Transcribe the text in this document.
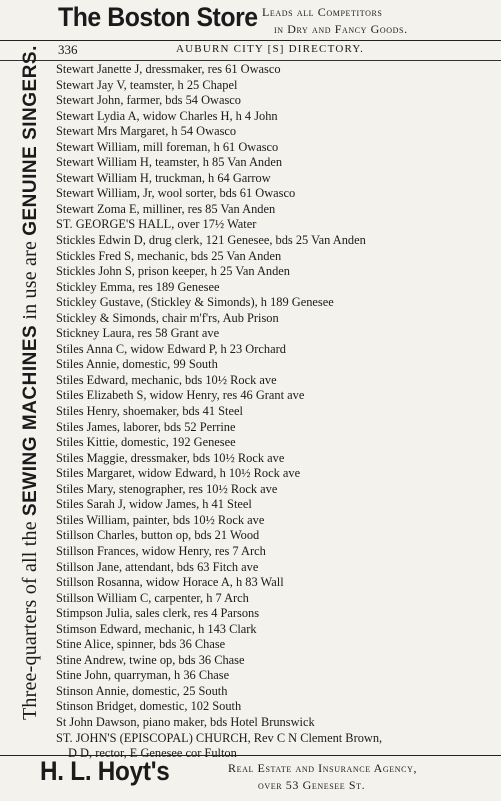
The Boston Store Leads all Competitors
in Dry and Fancy Goods.
336	AUBURN CITY [S] DIRECTORY.
Three-quarters of all the SEWING MACHINES in use are GENUINE SINGERS.	Stewart Janette J, dressmaker, res 61 Owasco
Stewart Jay V, teamster, h 25 Chapel
Stewart John, farmer, bds 54 Owasco
Stewart Lydia A, widow Charles H, h 4 John
Stewart Mrs Margaret, h 54 Owasco
Stewart William, mill foreman, h 61 Owasco
Stewart William H, teamster, h 85 Van Anden
Stewart William H, truckman, h 64 Garrow
Stewart William, Jr, wool sorter, bds 61 Owasco
Stewart Zoma E, milliner, res 85 Van Anden
ST. GEORGE'S HALL, over 17½ Water
Stickles Edwin D, drug clerk, 121 Genesee, bds 25 Van Anden
Stickles Fred S, mechanic, bds 25 Van Anden
Stickles John S, prison keeper, h 25 Van Anden
Stickley Emma, res 189 Genesee
Stickley Gustave, (Stickley & Simonds), h 189 Genesee
Stickley & Simonds, chair m'f'rs, Aub Prison
Stickney Laura, res 58 Grant ave
Stiles Anna C, widow Edward P, h 23 Orchard
Stiles Annie, domestic, 99 South
Stiles Edward, mechanic, bds 10½ Rock ave
Stiles Elizabeth S, widow Henry, res 46 Grant ave
Stiles Henry, shoemaker, bds 41 Steel
Stiles James, laborer, bds 52 Perrine
Stiles Kittie, domestic, 192 Genesee
Stiles Maggie, dressmaker, bds 10½ Rock ave
Stiles Margaret, widow Edward, h 10½ Rock ave
Stiles Mary, stenographer, res 10½ Rock ave
Stiles Sarah J, widow James, h 41 Steel
Stiles William, painter, bds 10½ Rock ave
Stillson Charles, button op, bds 21 Wood
Stillson Frances, widow Henry, res 7 Arch
Stillson Jane, attendant, bds 63 Fitch ave
Stillson Rosanna, widow Horace A, h 83 Wall
Stillson William C, carpenter, h 7 Arch
Stimpson Julia, sales clerk, res 4 Parsons
Stimson Edward, mechanic, h 143 Clark
Stine Alice, spinner, bds 36 Chase
Stine Andrew, twine op, bds 36 Chase
Stine John, quarryman, h 36 Chase
Stinson Annie, domestic, 25 South
Stinson Bridget, domestic, 102 South
St John Dawson, piano maker, bds Hotel Brunswick
ST. JOHN'S (EPISCOPAL) CHURCH, Rev C N Clement Brown,
D D, rector, E Genesee cor Fulton
H. L. Hoyt's	Real Estate and Insurance Agency,
over 53 Genesee St.
